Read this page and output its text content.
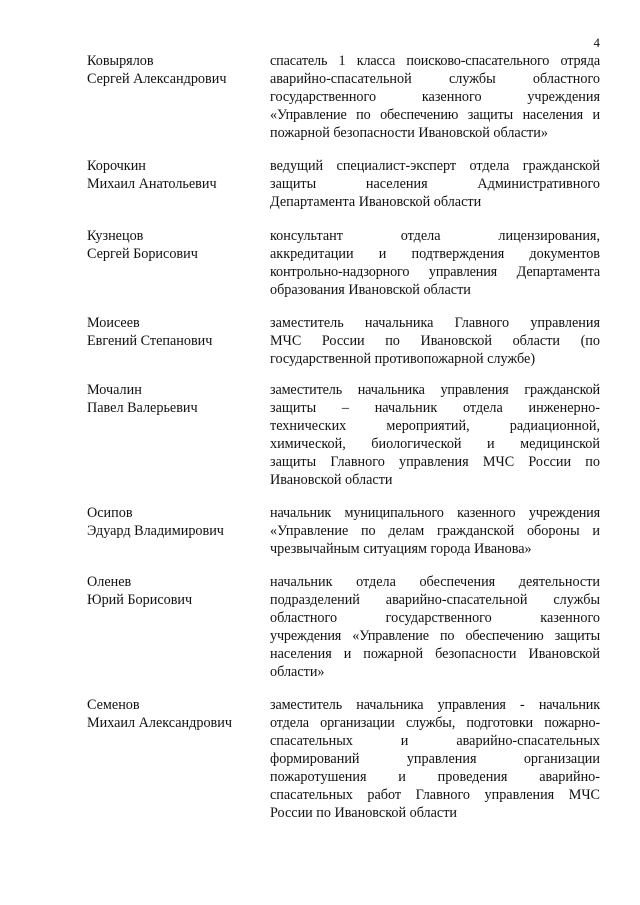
4
Ковырялов
Сергей Александрович
спасатель 1 класса поисково-спасательного отряда
аварийно-спасательной службы областного
государственного казенного учреждения
«Управление по обеспечению защиты населения и
пожарной безопасности Ивановской области»
Корочкин
Михаил Анатольевич
ведущий специалист-эксперт отдела гражданской
защиты населения Административного
Департамента Ивановской области
Кузнецов
Сергей Борисович
консультант отдела лицензирования,
аккредитации и подтверждения документов
контрольно-надзорного управления Департамента
образования Ивановской области
Моисеев
Евгений Степанович
заместитель начальника Главного управления
МЧС России по Ивановской области (по
государственной противопожарной службе)
Мочалин
Павел Валерьевич
заместитель начальника управления гражданской
защиты – начальник отдела инженерно-
технических мероприятий, радиационной,
химической, биологической и медицинской
защиты Главного управления МЧС России по
Ивановской области
Осипов
Эдуард Владимирович
начальник муниципального казенного учреждения
«Управление по делам гражданской обороны и
чрезвычайным ситуациям города Иванова»
Оленев
Юрий Борисович
начальник отдела обеспечения деятельности
подразделений аварийно-спасательной службы
областного государственного казенного
учреждения «Управление по обеспечению защиты
населения и пожарной безопасности Ивановской
области»
Семенов
Михаил Александрович
заместитель начальника управления - начальник
отдела организации службы, подготовки пожарно-
спасательных и аварийно-спасательных
формирований управления организации
пожаротушения и проведения аварийно-
спасательных работ Главного управления МЧС
России по Ивановской области
